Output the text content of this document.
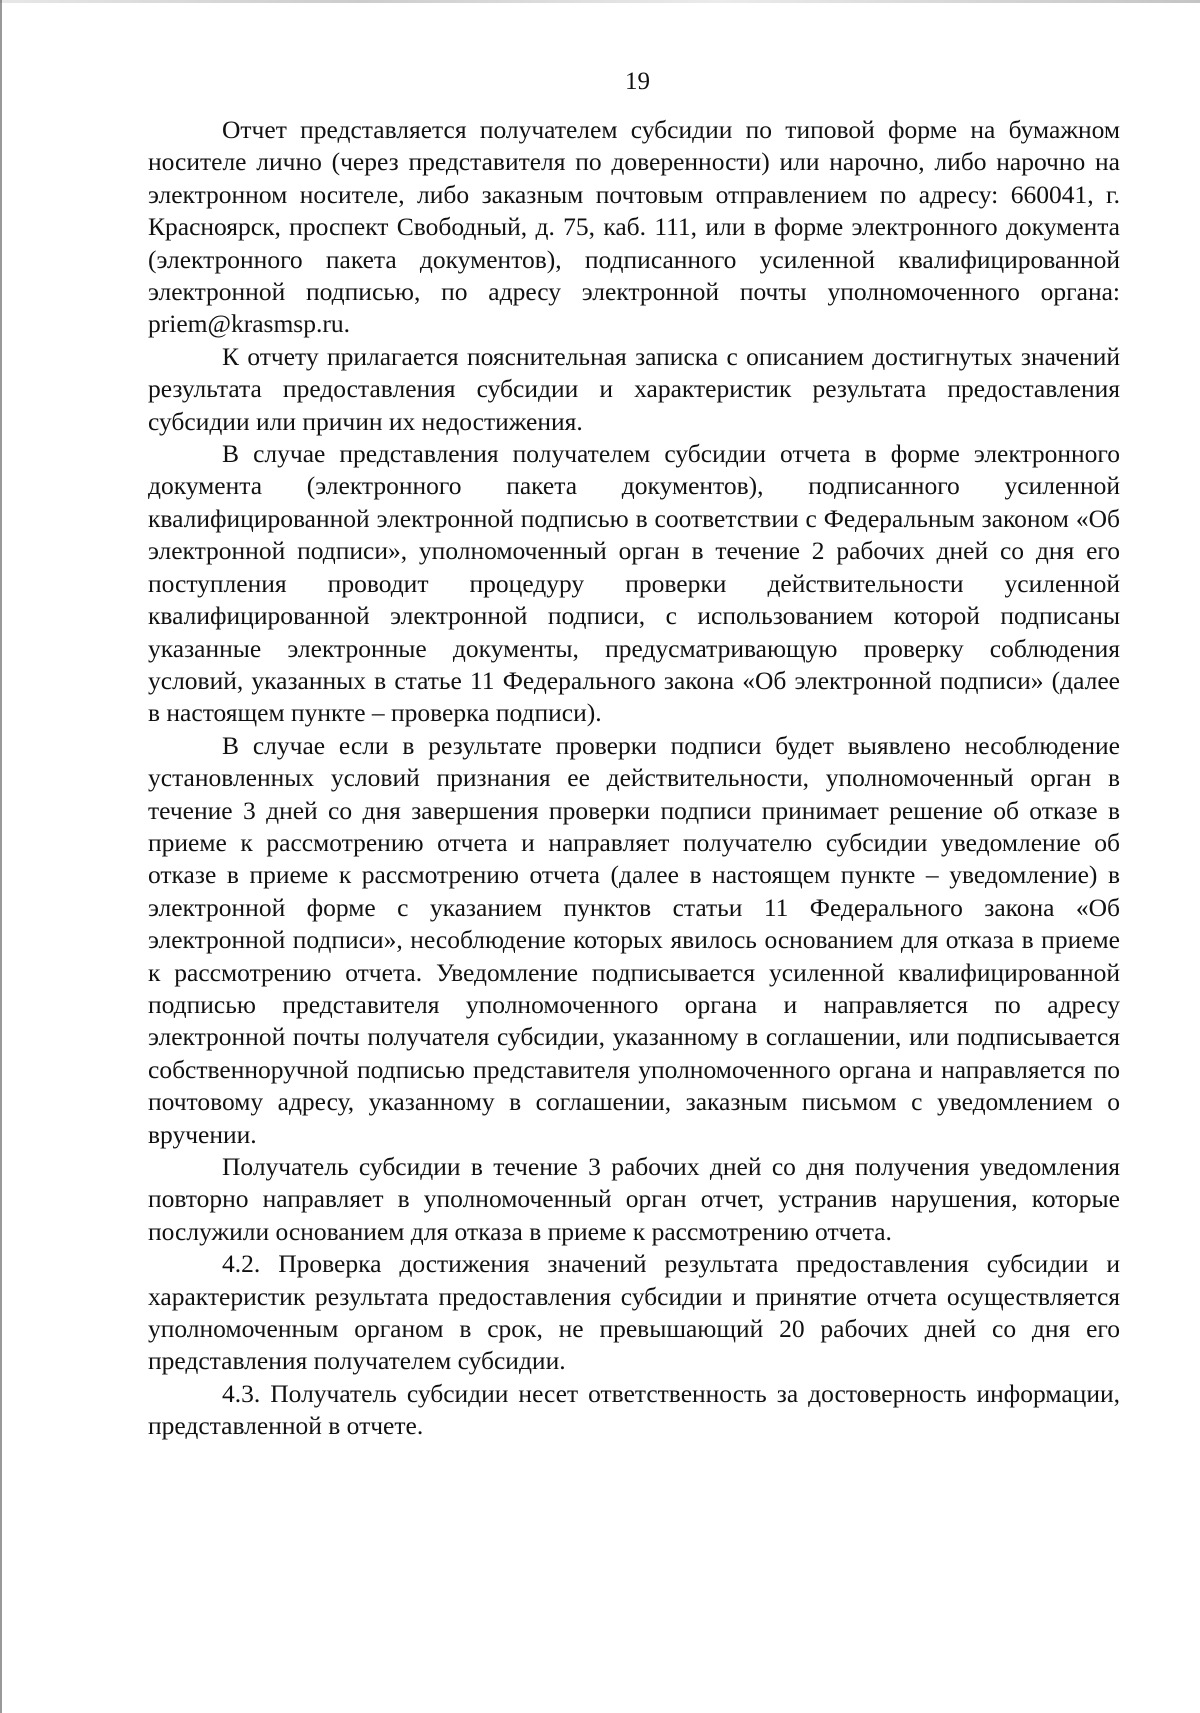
19

Отчет представляется получателем субсидии по типовой форме на бумажном носителе лично (через представителя по доверенности) или нарочно, либо нарочно на электронном носителе, либо заказным почтовым отправлением по адресу: 660041, г. Красноярск, проспект Свободный, д. 75, каб. 111, или в форме электронного документа (электронного пакета документов), подписанного усиленной квалифицированной электронной подписью, по адресу электронной почты уполномоченного органа: priem@krasmsp.ru.

К отчету прилагается пояснительная записка с описанием достигнутых значений результата предоставления субсидии и характеристик результата предоставления субсидии или причин их недостижения.

В случае представления получателем субсидии отчета в форме электронного документа (электронного пакета документов), подписанного усиленной квалифицированной электронной подписью в соответствии с Федеральным законом «Об электронной подписи», уполномоченный орган в течение 2 рабочих дней со дня его поступления проводит процедуру проверки действительности усиленной квалифицированной электронной подписи, с использованием которой подписаны указанные электронные документы, предусматривающую проверку соблюдения условий, указанных в статье 11 Федерального закона «Об электронной подписи» (далее в настоящем пункте – проверка подписи).

В случае если в результате проверки подписи будет выявлено несоблюдение установленных условий признания ее действительности, уполномоченный орган в течение 3 дней со дня завершения проверки подписи принимает решение об отказе в приеме к рассмотрению отчета и направляет получателю субсидии уведомление об отказе в приеме к рассмотрению отчета (далее в настоящем пункте – уведомление) в электронной форме с указанием пунктов статьи 11 Федерального закона «Об электронной подписи», несоблюдение которых явилось основанием для отказа в приеме к рассмотрению отчета. Уведомление подписывается усиленной квалифицированной подписью представителя уполномоченного органа и направляется по адресу электронной почты получателя субсидии, указанному в соглашении, или подписывается собственноручной подписью представителя уполномоченного органа и направляется по почтовому адресу, указанному в соглашении, заказным письмом с уведомлением о вручении.

Получатель субсидии в течение 3 рабочих дней со дня получения уведомления повторно направляет в уполномоченный орган отчет, устранив нарушения, которые послужили основанием для отказа в приеме к рассмотрению отчета.

4.2. Проверка достижения значений результата предоставления субсидии и характеристик результата предоставления субсидии и принятие отчета осуществляется уполномоченным органом в срок, не превышающий 20 рабочих дней со дня его представления получателем субсидии.

4.3. Получатель субсидии несет ответственность за достоверность информации, представленной в отчете.
